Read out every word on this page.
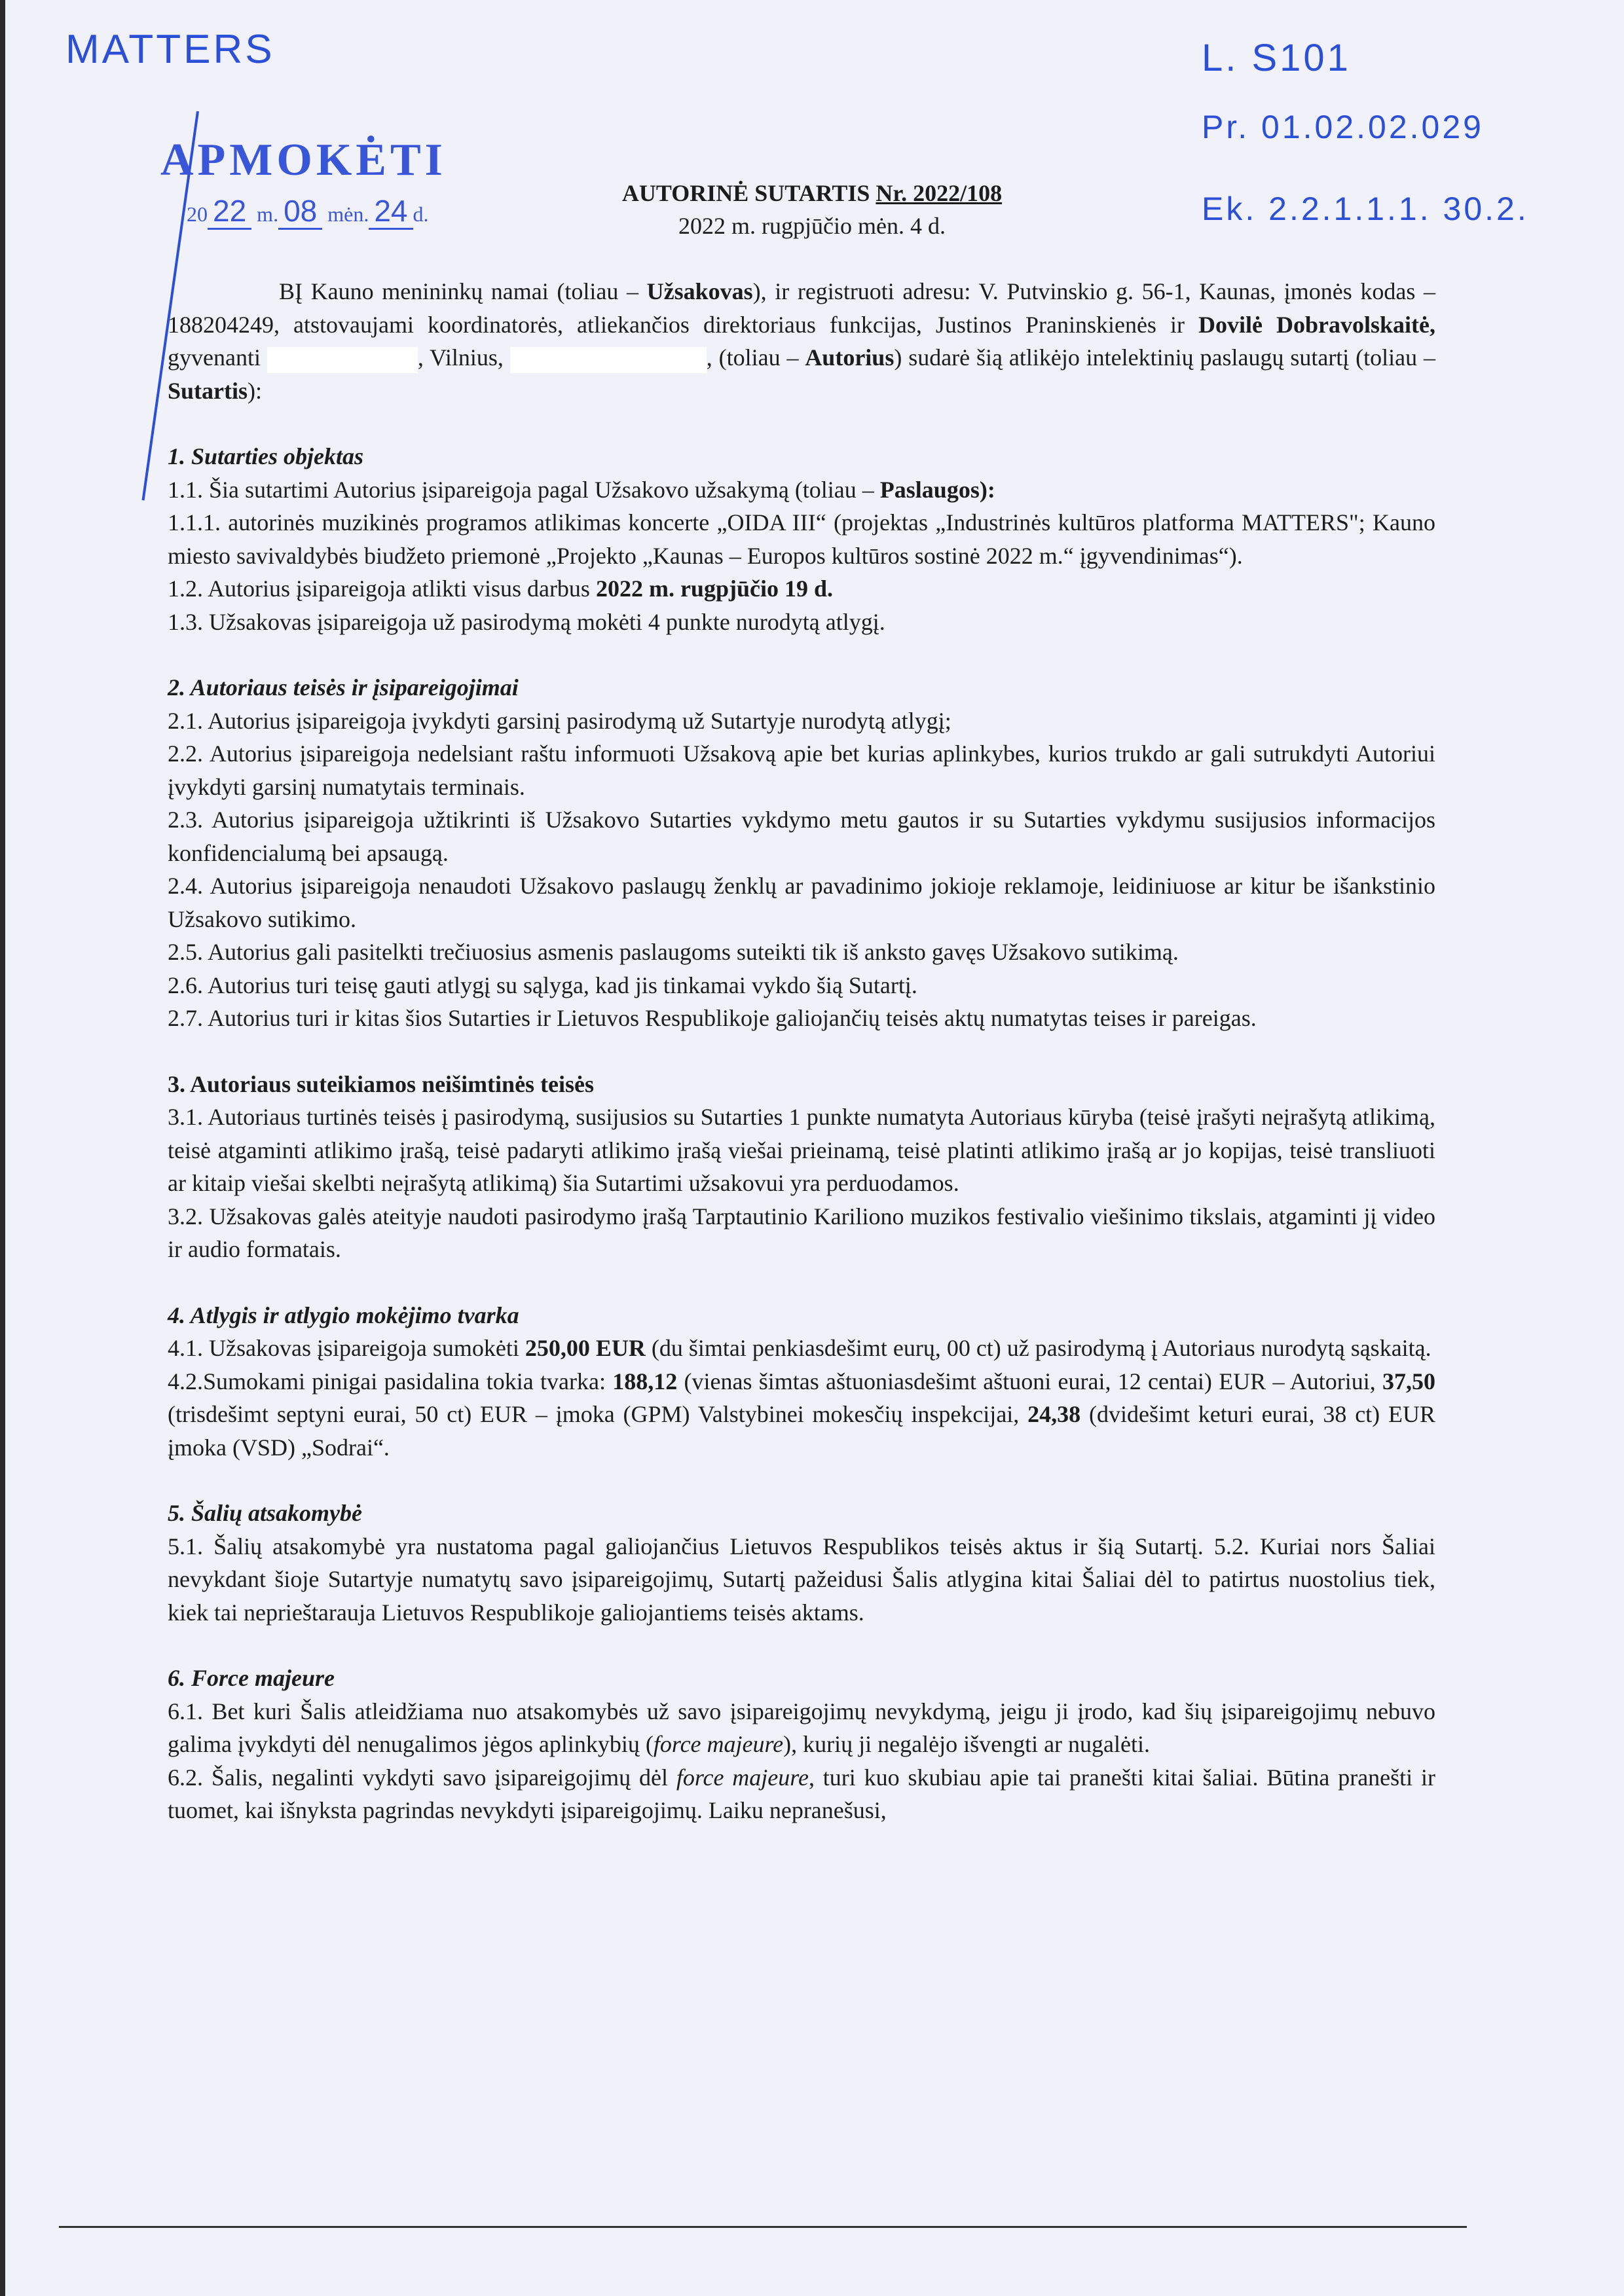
MATTERS	L. S101
Pr. 01.02.02.029
Ek. 2.2.1.1.1. 30.2.
APMOKĖTI
20 22 m. 08 mėn. 24 d.
AUTORINĖ SUTARTIS Nr. 2022/108
2022 m. rugpjūčio mėn. 4 d.

BĮ Kauno menininkų namai (toliau – Užsakovas), ir registruoti adresu: V. Putvinskio g. 56-1, Kaunas, įmonės kodas – 188204249, atstovaujami koordinatorės, atliekančios direktoriaus funkcijas, Justinos Praninskienės ir Dovilė Dobravolskaitė, gyvenanti	, Vilnius,	, (toliau – Autorius) sudarė šią atlikėjo intelektinių paslaugų sutartį (toliau – Sutartis):

1. Sutarties objektas

1.1. Šia sutartimi Autorius įsipareigoja pagal Užsakovo užsakymą (toliau – Paslaugos):

1.1.1. autorinės muzikinės programos atlikimas koncerte „OIDA III“ (projektas „Industrinės kultūros platforma MATTERS"; Kauno miesto savivaldybės biudžeto priemonė „Projekto „Kaunas – Europos kultūros sostinė 2022 m.“ įgyvendinimas“).

1.2. Autorius įsipareigoja atlikti visus darbus 2022 m. rugpjūčio 19 d.

1.3. Užsakovas įsipareigoja už pasirodymą mokėti 4 punkte nurodytą atlygį.

2. Autoriaus teisės ir įsipareigojimai

2.1. Autorius įsipareigoja įvykdyti garsinį pasirodymą už Sutartyje nurodytą atlygį;

2.2. Autorius įsipareigoja nedelsiant raštu informuoti Užsakovą apie bet kurias aplinkybes, kurios trukdo ar gali sutrukdyti Autoriui įvykdyti garsinį numatytais terminais.

2.3. Autorius įsipareigoja užtikrinti iš Užsakovo Sutarties vykdymo metu gautos ir su Sutarties vykdymu susijusios informacijos konfidencialumą bei apsaugą.

2.4. Autorius įsipareigoja nenaudoti Užsakovo paslaugų ženklų ar pavadinimo jokioje reklamoje, leidiniuose ar kitur be išankstinio Užsakovo sutikimo.

2.5. Autorius gali pasitelkti trečiuosius asmenis paslaugoms suteikti tik iš anksto gavęs Užsakovo sutikimą.

2.6. Autorius turi teisę gauti atlygį su sąlyga, kad jis tinkamai vykdo šią Sutartį.

2.7. Autorius turi ir kitas šios Sutarties ir Lietuvos Respublikoje galiojančių teisės aktų numatytas teises ir pareigas.

3. Autoriaus suteikiamos neišimtinės teisės

3.1. Autoriaus turtinės teisės į pasirodymą, susijusios su Sutarties 1 punkte numatyta Autoriaus kūryba (teisė įrašyti neįrašytą atlikimą, teisė atgaminti atlikimo įrašą, teisė padaryti atlikimo įrašą viešai prieinamą, teisė platinti atlikimo įrašą ar jo kopijas, teisė transliuoti ar kitaip viešai skelbti neįrašytą atlikimą) šia Sutartimi užsakovui yra perduodamos.

3.2. Užsakovas galės ateityje naudoti pasirodymo įrašą Tarptautinio Kariliono muzikos festivalio viešinimo tikslais, atgaminti jį video ir audio formatais.

4. Atlygis ir atlygio mokėjimo tvarka

4.1. Užsakovas įsipareigoja sumokėti 250,00 EUR (du šimtai penkiasdešimt eurų, 00 ct) už pasirodymą į Autoriaus nurodytą sąskaitą.

4.2.Sumokami pinigai pasidalina tokia tvarka: 188,12 (vienas šimtas aštuoniasdešimt aštuoni eurai, 12 centai) EUR – Autoriui, 37,50 (trisdešimt septyni eurai, 50 ct) EUR – įmoka (GPM) Valstybinei mokesčių inspekcijai, 24,38 (dvidešimt keturi eurai, 38 ct) EUR įmoka (VSD) „Sodrai“.

5. Šalių atsakomybė

5.1. Šalių atsakomybė yra nustatoma pagal galiojančius Lietuvos Respublikos teisės aktus ir šią Sutartį. 5.2. Kuriai nors Šaliai nevykdant šioje Sutartyje numatytų savo įsipareigojimų, Sutartį pažeidusi Šalis atlygina kitai Šaliai dėl to patirtus nuostolius tiek, kiek tai neprieštarauja Lietuvos Respublikoje galiojantiems teisės aktams.

6. Force majeure

6.1. Bet kuri Šalis atleidžiama nuo atsakomybės už savo įsipareigojimų nevykdymą, jeigu ji įrodo, kad šių įsipareigojimų nebuvo galima įvykdyti dėl nenugalimos jėgos aplinkybių (force majeure), kurių ji negalėjo išvengti ar nugalėti.

6.2. Šalis, negalinti vykdyti savo įsipareigojimų dėl force majeure, turi kuo skubiau apie tai pranešti kitai šaliai. Būtina pranešti ir tuomet, kai išnyksta pagrindas nevykdyti įsipareigojimų. Laiku nepranešusi,
